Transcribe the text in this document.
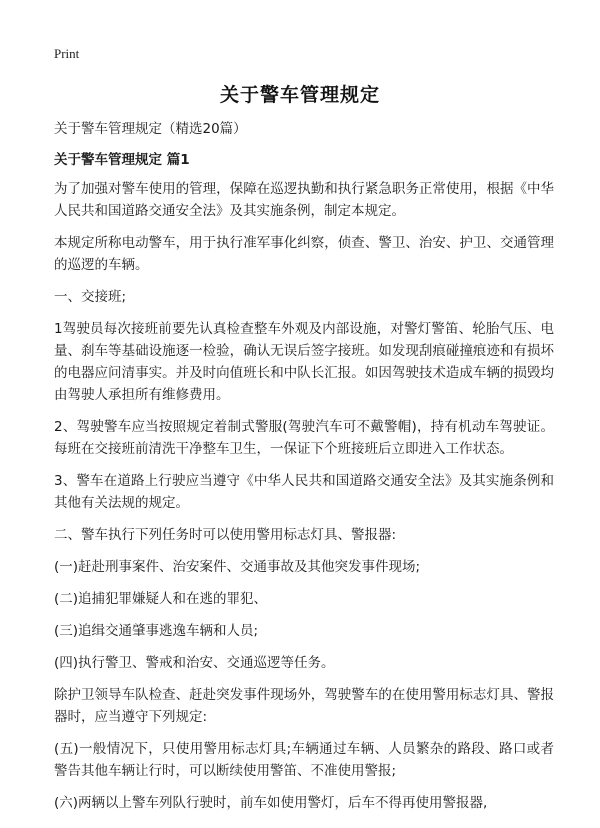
Print
关于警车管理规定

关于警车管理规定（精选20篇）

关于警车管理规定 篇1

为了加强对警车使用的管理，保障在巡逻执勤和执行紧急职务正常使用，根据《中华人民共和国道路交通安全法》及其实施条例，制定本规定。

本规定所称电动警车，用于执行准军事化纠察，侦查、警卫、治安、护卫、交通管理的巡逻的车辆。

一、交接班;

1驾驶员每次接班前要先认真检查整车外观及内部设施，对警灯警笛、轮胎气压、电量、刹车等基础设施逐一检验，确认无误后签字接班。如发现刮痕碰撞痕迹和有损坏的电器应问清事实。并及时向值班长和中队长汇报。如因驾驶技术造成车辆的损毁均由驾驶人承担所有维修费用。

2、驾驶警车应当按照规定着制式警服(驾驶汽车可不戴警帽)，持有机动车驾驶证。每班在交接班前清洗干净整车卫生，一保证下个班接班后立即进入工作状态。

3、警车在道路上行驶应当遵守《中华人民共和国道路交通安全法》及其实施条例和其他有关法规的规定。

二、警车执行下列任务时可以使用警用标志灯具、警报器:

(一)赶赴刑事案件、治安案件、交通事故及其他突发事件现场;

(二)追捕犯罪嫌疑人和在逃的罪犯、

(三)追缉交通肇事逃逸车辆和人员;

(四)执行警卫、警戒和治安、交通巡逻等任务。

除护卫领导车队检查、赶赴突发事件现场外，驾驶警车的在使用警用标志灯具、警报器时，应当遵守下列规定:

(五)一般情况下，只使用警用标志灯具;车辆通过车辆、人员繁杂的路段、路口或者警告其他车辆让行时，可以断续使用警笛、不准使用警报;

(六)两辆以上警车列队行驶时，前车如使用警灯，后车不得再使用警报器,
